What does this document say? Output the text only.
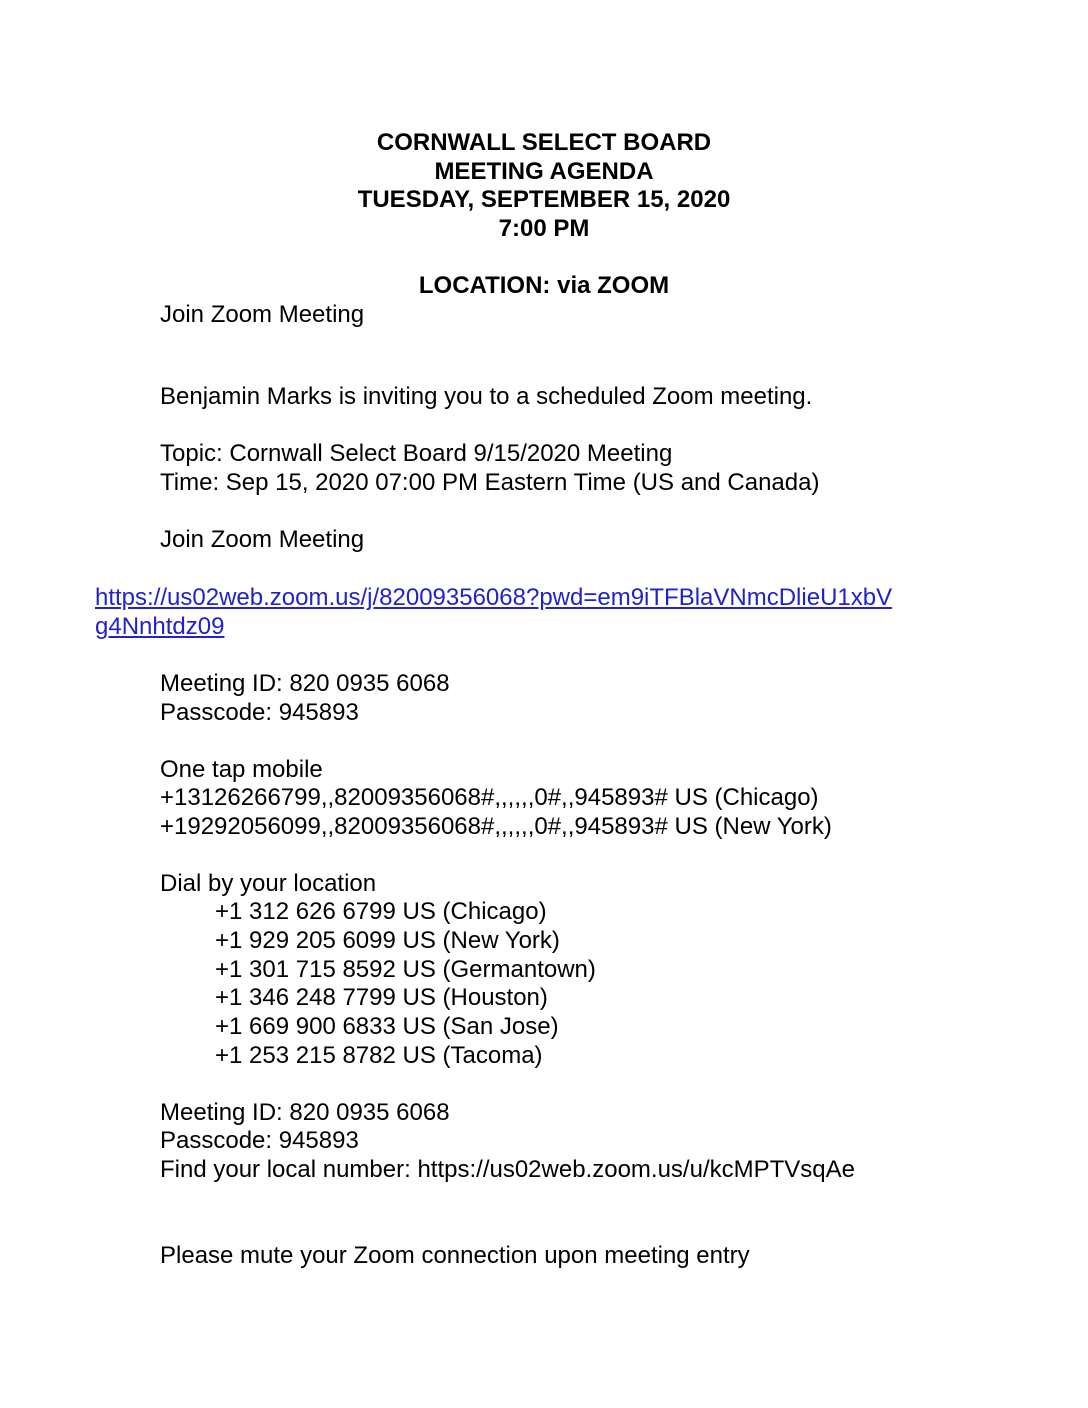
CORNWALL SELECT BOARD
MEETING AGENDA
TUESDAY, SEPTEMBER 15, 2020
7:00 PM
LOCATION: via ZOOM
Join Zoom Meeting
Benjamin Marks is inviting you to a scheduled Zoom meeting.
Topic: Cornwall Select Board 9/15/2020 Meeting
Time: Sep 15, 2020 07:00 PM Eastern Time (US and Canada)
Join Zoom Meeting
https://us02web.zoom.us/j/82009356068?pwd=em9iTFBlaVNmcDlieU1xbV
g4Nnhtdz09
Meeting ID: 820 0935 6068
Passcode: 945893
One tap mobile
+13126266799,,82009356068#,,,,,,0#,,945893# US (Chicago)
+19292056099,,82009356068#,,,,,,0#,,945893# US (New York)
Dial by your location
+1 312 626 6799 US (Chicago)
+1 929 205 6099 US (New York)
+1 301 715 8592 US (Germantown)
+1 346 248 7799 US (Houston)
+1 669 900 6833 US (San Jose)
+1 253 215 8782 US (Tacoma)
Meeting ID: 820 0935 6068
Passcode: 945893
Find your local number: https://us02web.zoom.us/u/kcMPTVsqAe
Please mute your Zoom connection upon meeting entry
